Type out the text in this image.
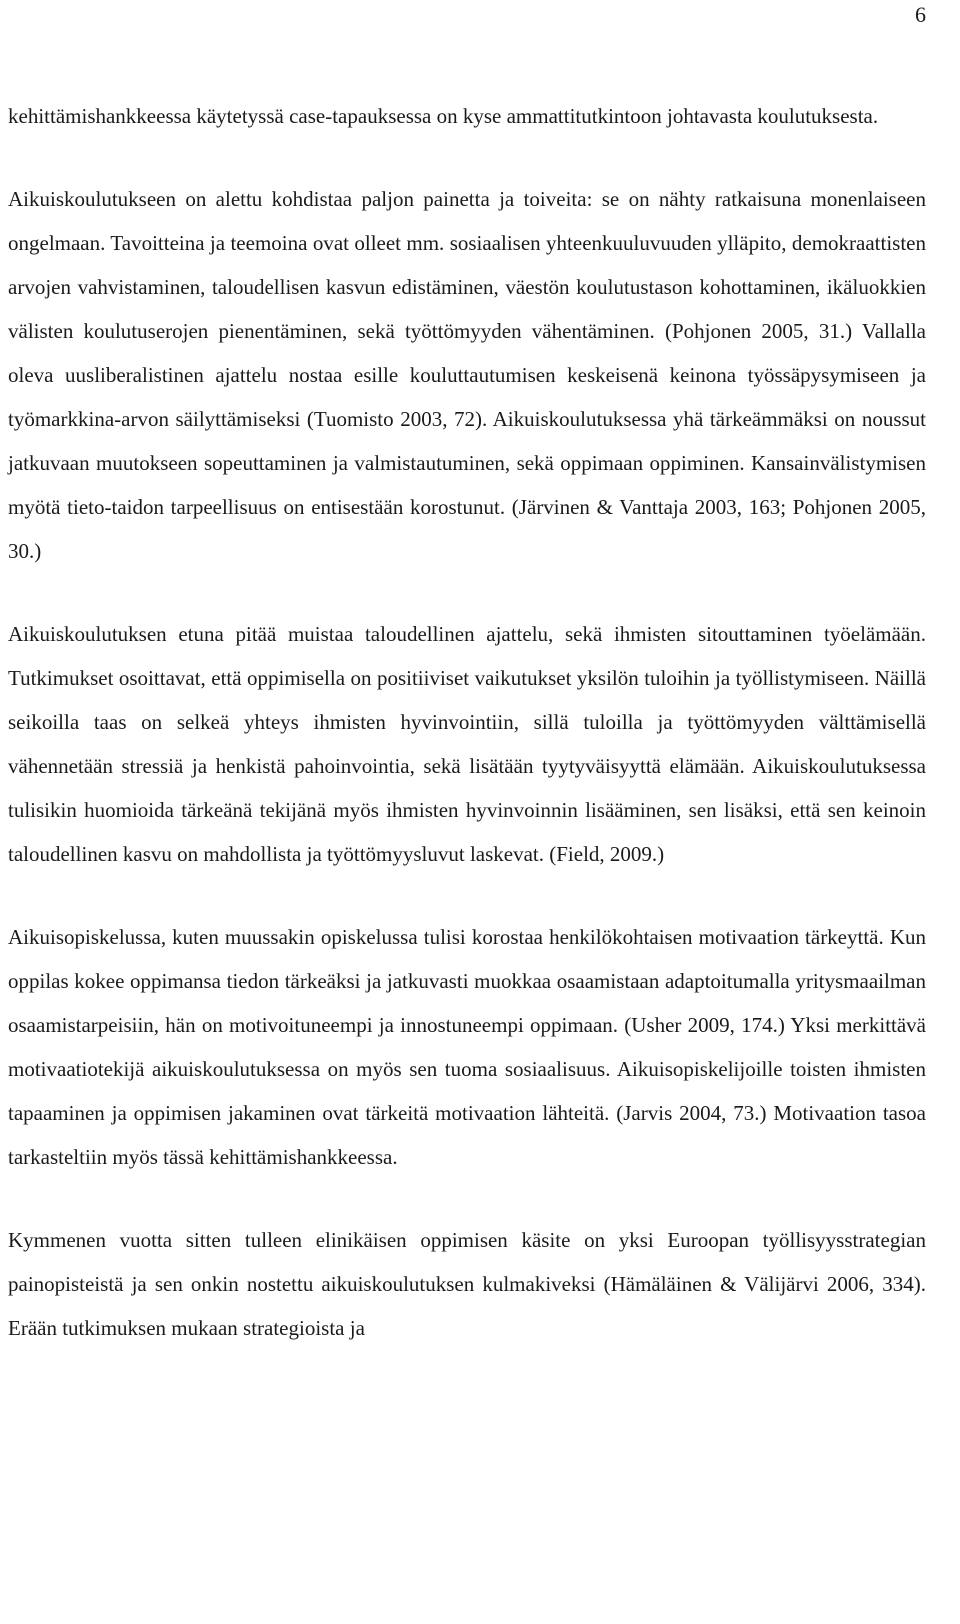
6

kehittämishankkeessa käytetyssä case-tapauksessa on kyse ammattitutkintoon johtavasta koulutuksesta.

Aikuiskoulutukseen on alettu kohdistaa paljon painetta ja toiveita: se on nähty ratkaisuna monenlaiseen ongelmaan. Tavoitteina ja teemoina ovat olleet mm. sosiaalisen yhteenkuuluvuuden ylläpito, demokraattisten arvojen vahvistaminen, taloudellisen kasvun edistäminen, väestön koulutustason kohottaminen, ikäluokkien välisten koulutuserojen pienentäminen, sekä työttömyyden vähentäminen. (Pohjonen 2005, 31.) Vallalla oleva uusliberalistinen ajattelu nostaa esille kouluttautumisen keskeisenä keinona työssäpysymiseen ja työmarkkina-arvon säilyttämiseksi (Tuomisto 2003, 72). Aikuiskoulutuksessa yhä tärkeämmäksi on noussut jatkuvaan muutokseen sopeuttaminen ja valmistautuminen, sekä oppimaan oppiminen. Kansainvälistymisen myötä tieto-taidon tarpeellisuus on entisestään korostunut. (Järvinen & Vanttaja 2003, 163; Pohjonen 2005, 30.)

Aikuiskoulutuksen etuna pitää muistaa taloudellinen ajattelu, sekä ihmisten sitouttaminen työelämään. Tutkimukset osoittavat, että oppimisella on positiiviset vaikutukset yksilön tuloihin ja työllistymiseen. Näillä seikoilla taas on selkeä yhteys ihmisten hyvinvointiin, sillä tuloilla ja työttömyyden välttämisellä vähennetään stressiä ja henkistä pahoinvointia, sekä lisätään tyytyväisyyttä elämään. Aikuiskoulutuksessa tulisikin huomioida tärkeänä tekijänä myös ihmisten hyvinvoinnin lisääminen, sen lisäksi, että sen keinoin taloudellinen kasvu on mahdollista ja työttömyysluvut laskevat. (Field, 2009.)

Aikuisopiskelussa, kuten muussakin opiskelussa tulisi korostaa henkilökohtaisen motivaation tärkeyttä. Kun oppilas kokee oppimansa tiedon tärkeäksi ja jatkuvasti muokkaa osaamistaan adaptoitumalla yritysmaailman osaamistarpeisiin, hän on motivoituneempi ja innostuneempi oppimaan. (Usher 2009, 174.) Yksi merkittävä motivaatiotekijä aikuiskoulutuksessa on myös sen tuoma sosiaalisuus. Aikuisopiskelijoille toisten ihmisten tapaaminen ja oppimisen jakaminen ovat tärkeitä motivaation lähteitä. (Jarvis 2004, 73.) Motivaation tasoa tarkasteltiin myös tässä kehittämishankkeessa.

Kymmenen vuotta sitten tulleen elinikäisen oppimisen käsite on yksi Euroopan työllisyysstrategian painopisteistä ja sen onkin nostettu aikuiskoulutuksen kulmakiveksi (Hämäläinen & Välijärvi 2006, 334). Erään tutkimuksen mukaan strategioista ja
